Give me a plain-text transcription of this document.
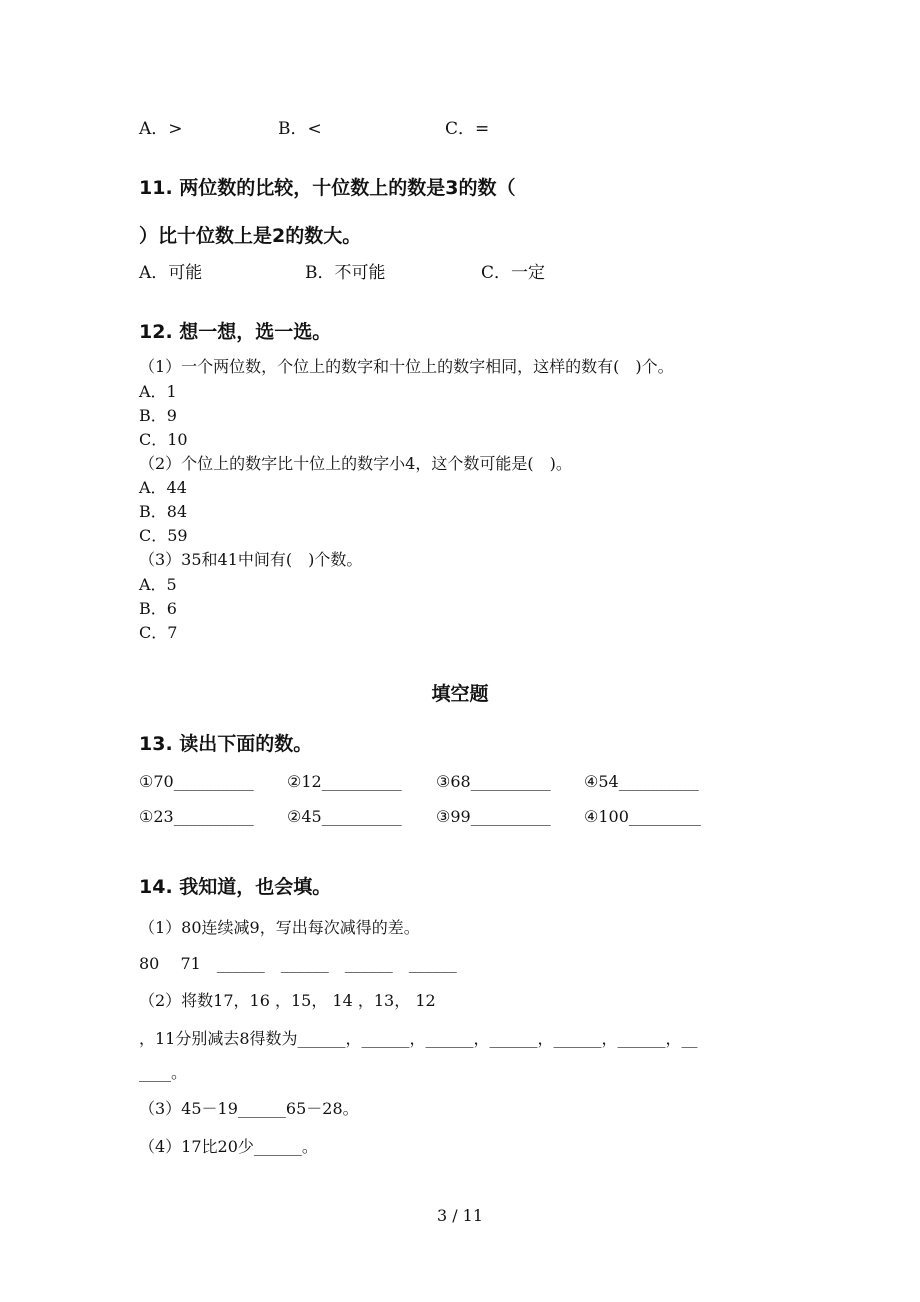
A．>	B．<	C．=
11. 两位数的比较，十位数上的数是3的数（
）比十位数上是2的数大。
A．可能	B．不可能	C．一定
12. 想一想，选一选。
（1）一个两位数，个位上的数字和十位上的数字相同，这样的数有(　)个。
A．1
B．9
C．10
（2）个位上的数字比十位上的数字小4，这个数可能是(　)。
A．44
B．84
C．59
（3）35和41中间有(　)个数。
A．5
B．6
C．7
填空题
13. 读出下面的数。
①70__________ ②12__________ ③68__________ ④54__________
①23__________ ②45__________ ③99__________ ④100_________
14. 我知道，也会填。
（1）80连续减9，写出每次减得的差。
80　 71　______　______　______　______
（2）将数17，16 ，15， 14 ，13， 12
，11分别减去8得数为______，______，______，______，______，______，__
____。
（3）45－19______65－28。
（4）17比20少______。
3 / 11
